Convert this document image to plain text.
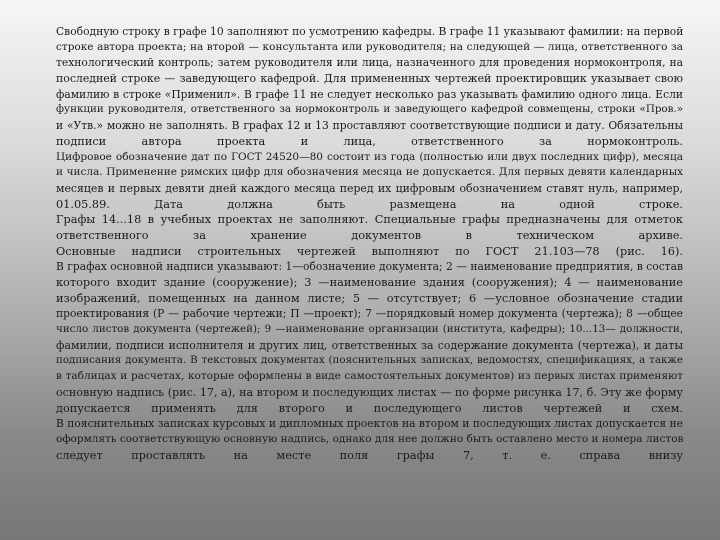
Свободную строку в графе 10 заполняют по усмотрению кафедры. В графе 11 указывают фамилии: на первой
строке автора проекта; на второй — консультанта или руководителя; на следующей — лица, ответственного за
технологический контроль; затем руководителя или лица, назначенного для проведения нормоконтроля, на
последней строке — заведующего кафедрой. Для примененных чертежей проектировщик указывает свою
фамилию в строке «Применил». В графе 11 не следует несколько раз указывать фамилию одного лица. Если
функции руководителя, ответственного за нормоконтроль и заведующего кафедрой совмещены, строки «Пров.»
и «Утв.» можно не заполнять. В графах 12 и 13 проставляют соответствующие подписи и дату. Обязательны
подписи автора проекта и лица, ответственного за нормоконтроль.
Цифровое обозначение дат по ГОСТ 24520—80 состоит из года (полностью или двух последних цифр), месяца
и числа. Применение римских цифр для обозначения месяца не допускается. Для первых девяти календарных
месяцев и первых девяти дней каждого месяца перед их цифровым обозначением ставят нуль, например,
01.05.89. Дата должна быть размещена на одной строке.
Графы 14...18 в учебных проектах не заполняют. Специальные графы предназначены для отметок
ответственного за хранение документов в техническом архиве.
Основные надписи строительных чертежей выполняют по ГОСТ 21.103—78 (рис. 16).
В графах основной надписи указывают: 1—обозначение документа; 2 — наименование предприятия, в состав
которого входит здание (сооружение); 3 —наименование здания (сооружения); 4 — наименование
изображений, помещенных на данном листе; 5 — отсутствует; 6 —условное обозначение стадии
проектирования (Р — рабочие чертежи; П —проект); 7 —порядковый номер документа (чертежа); 8 —общее
число листов документа (чертежей); 9 —наименование организации (института, кафедры); 10...13— должности,
фамилии, подписи исполнителя и других лиц, ответственных за содержание документа (чертежа), и даты
подписания документа. В текстовых документах (пояснительных записках, ведомостях, спецификациях, а также
в таблицах и расчетах, которые оформлены в виде самостоятельных документов) из первых листах применяют
основную надпись (рис. 17, а), на втором и последующих листах — по форме рисунка 17, б. Эту же форму
допускается применять для второго и последующего листов чертежей и схем.
В пояснительных записках курсовых и дипломных проектов на втором и последующих листах допускается не
оформлять соответствующую основную надпись, однако для нее должно быть оставлено место и номера листов
следует проставлять на месте поля графы 7, т. е. справа внизу
